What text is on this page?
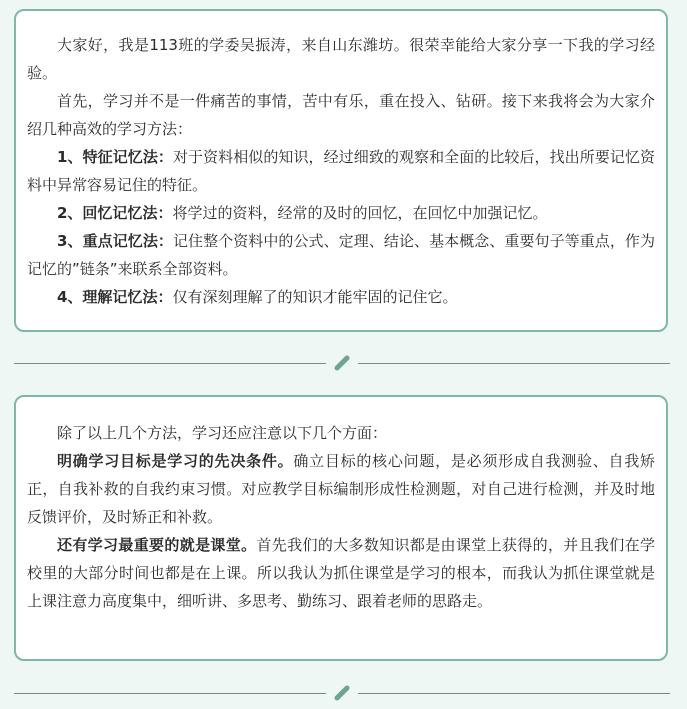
大家好，我是113班的学委吴振涛，来自山东潍坊。很荣幸能给大家分享一下我的学习经验。

首先，学习并不是一件痛苦的事情，苦中有乐，重在投入、钻研。接下来我将会为大家介绍几种高效的学习方法：

1、特征记忆法：对于资料相似的知识，经过细致的观察和全面的比较后，找出所要记忆资料中异常容易记住的特征。

2、回忆记忆法：将学过的资料，经常的及时的回忆，在回忆中加强记忆。

3、重点记忆法：记住整个资料中的公式、定理、结论、基本概念、重要句子等重点，作为记忆的”链条”来联系全部资料。

4、理解记忆法：仅有深刻理解了的知识才能牢固的记住它。

除了以上几个方法，学习还应注意以下几个方面：

明确学习目标是学习的先决条件。确立目标的核心问题，是必须形成自我测验、自我矫正，自我补救的自我约束习惯。对应教学目标编制形成性检测题，对自己进行检测，并及时地反馈评价，及时矫正和补救。

还有学习最重要的就是课堂。首先我们的大多数知识都是由课堂上获得的，并且我们在学校里的大部分时间也都是在上课。所以我认为抓住课堂是学习的根本，而我认为抓住课堂就是上课注意力高度集中，细听讲、多思考、勤练习、跟着老师的思路走。
